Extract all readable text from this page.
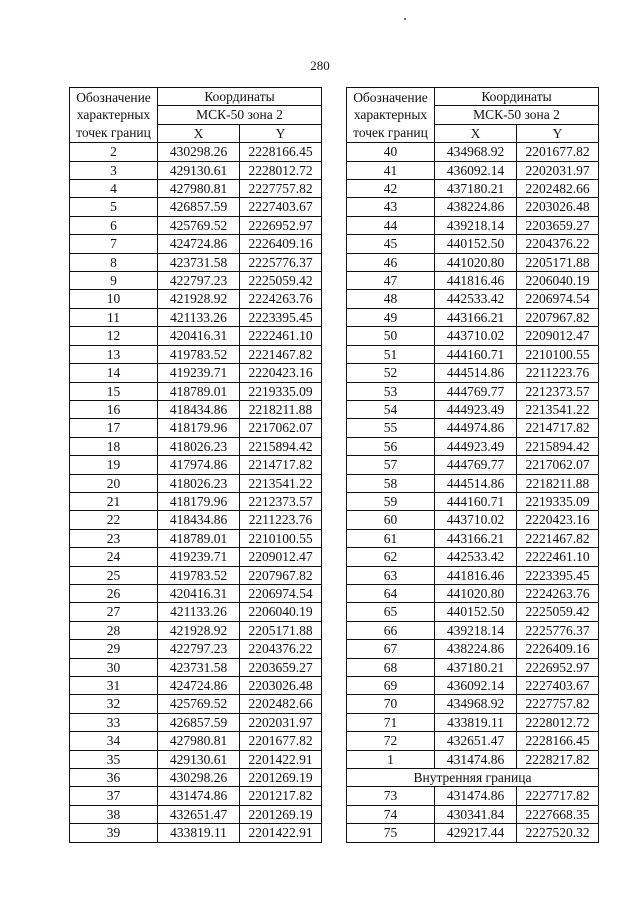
280
Обозначение
характерных
точек границ	Координаты	
	МСК-50 зона 2	
	X	Y
2	430298.26	2228166.45
3	429130.61	2228012.72
4	427980.81	2227757.82
5	426857.59	2227403.67
6	425769.52	2226952.97
7	424724.86	2226409.16
8	423731.58	2225776.37
9	422797.23	2225059.42
10	421928.92	2224263.76
11	421133.26	2223395.45
12	420416.31	2222461.10
13	419783.52	2221467.82
14	419239.71	2220423.16
15	418789.01	2219335.09
16	418434.86	2218211.88
17	418179.96	2217062.07
18	418026.23	2215894.42
19	417974.86	2214717.82
20	418026.23	2213541.22
21	418179.96	2212373.57
22	418434.86	2211223.76
23	418789.01	2210100.55
24	419239.71	2209012.47
25	419783.52	2207967.82
26	420416.31	2206974.54
27	421133.26	2206040.19
28	421928.92	2205171.88
29	422797.23	2204376.22
30	423731.58	2203659.27
31	424724.86	2203026.48
32	425769.52	2202482.66
33	426857.59	2202031.97
34	427980.81	2201677.82
35	429130.61	2201422.91
36	430298.26	2201269.19
37	431474.86	2201217.82
38	432651.47	2201269.19
39	433819.11	2201422.91
Обозначение
характерных
точек границ	Координаты	
	МСК-50 зона 2	
	X	Y
40	434968.92	2201677.82
41	436092.14	2202031.97
42	437180.21	2202482.66
43	438224.86	2203026.48
44	439218.14	2203659.27
45	440152.50	2204376.22
46	441020.80	2205171.88
47	441816.46	2206040.19
48	442533.42	2206974.54
49	443166.21	2207967.82
50	443710.02	2209012.47
51	444160.71	2210100.55
52	444514.86	2211223.76
53	444769.77	2212373.57
54	444923.49	2213541.22
55	444974.86	2214717.82
56	444923.49	2215894.42
57	444769.77	2217062.07
58	444514.86	2218211.88
59	444160.71	2219335.09
60	443710.02	2220423.16
61	443166.21	2221467.82
62	442533.42	2222461.10
63	441816.46	2223395.45
64	441020.80	2224263.76
65	440152.50	2225059.42
66	439218.14	2225776.37
67	438224.86	2226409.16
68	437180.21	2226952.97
69	436092.14	2227403.67
70	434968.92	2227757.82
71	433819.11	2228012.72
72	432651.47	2228166.45
1	431474.86	2228217.82
Внутренняя граница		
73	431474.86	2227717.82
74	430341.84	2227668.35
75	429217.44	2227520.32
